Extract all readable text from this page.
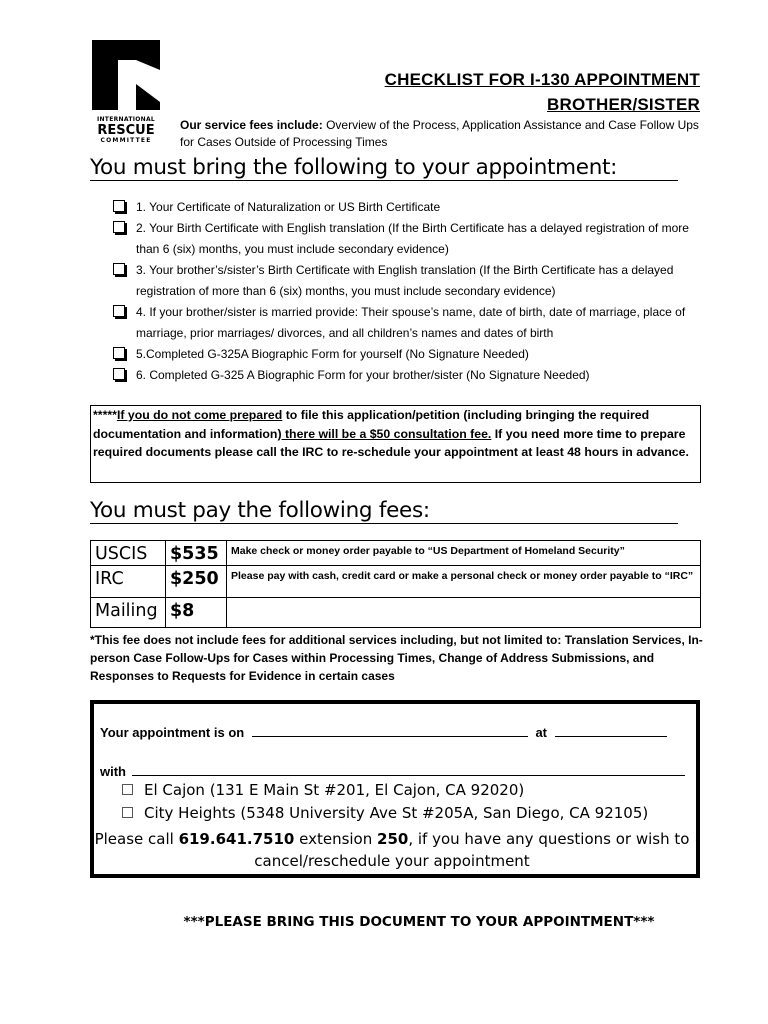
INTERNATIONAL
RESCUE
COMMITTEE
CHECKLIST FOR I-130 APPOINTMENT
BROTHER/SISTER
Our service fees include: Overview of the Process, Application Assistance and Case Follow Ups for Cases Outside of Processing Times
You must bring the following to your appointment:
1. Your Certificate of Naturalization or US Birth Certificate
2. Your Birth Certificate with English translation (If the Birth Certificate has a delayed registration of more than 6 (six) months, you must include secondary evidence)
3. Your brother’s/sister’s Birth Certificate with English translation (If the Birth Certificate has a delayed registration of more than 6 (six) months, you must include secondary evidence)
4. If your brother/sister is married provide: Their spouse’s name, date of birth, date of marriage, place of marriage, prior marriages/ divorces, and all children’s names and dates of birth
5.Completed G-325A Biographic Form for yourself (No Signature Needed)
6. Completed G-325 A Biographic Form for your brother/sister (No Signature Needed)
*****If you do not come prepared to file this application/petition (including bringing the required documentation and information) there will be a $50 consultation fee. If you need more time to prepare required documents please call the IRC to re-schedule your appointment at least 48 hours in advance.
You must pay the following fees:
USCIS	$535	Make check or money order payable to “US Department of Homeland Security”
IRC	$250	Please pay with cash, credit card or make a personal check or money order payable to “IRC”
Mailing	$8	
*This fee does not include fees for additional services including, but not limited to: Translation Services, In-person Case Follow-Ups for Cases within Processing Times, Change of Address Submissions, and Responses to Requests for Evidence in certain cases
Your appointment is on	at
with
El Cajon (131 E Main St #201, El Cajon, CA 92020)
City Heights (5348 University Ave St #205A, San Diego, CA 92105)
Please call 619.641.7510 extension 250, if you have any questions or wish to cancel/reschedule your appointment
***PLEASE BRING THIS DOCUMENT TO YOUR APPOINTMENT***
